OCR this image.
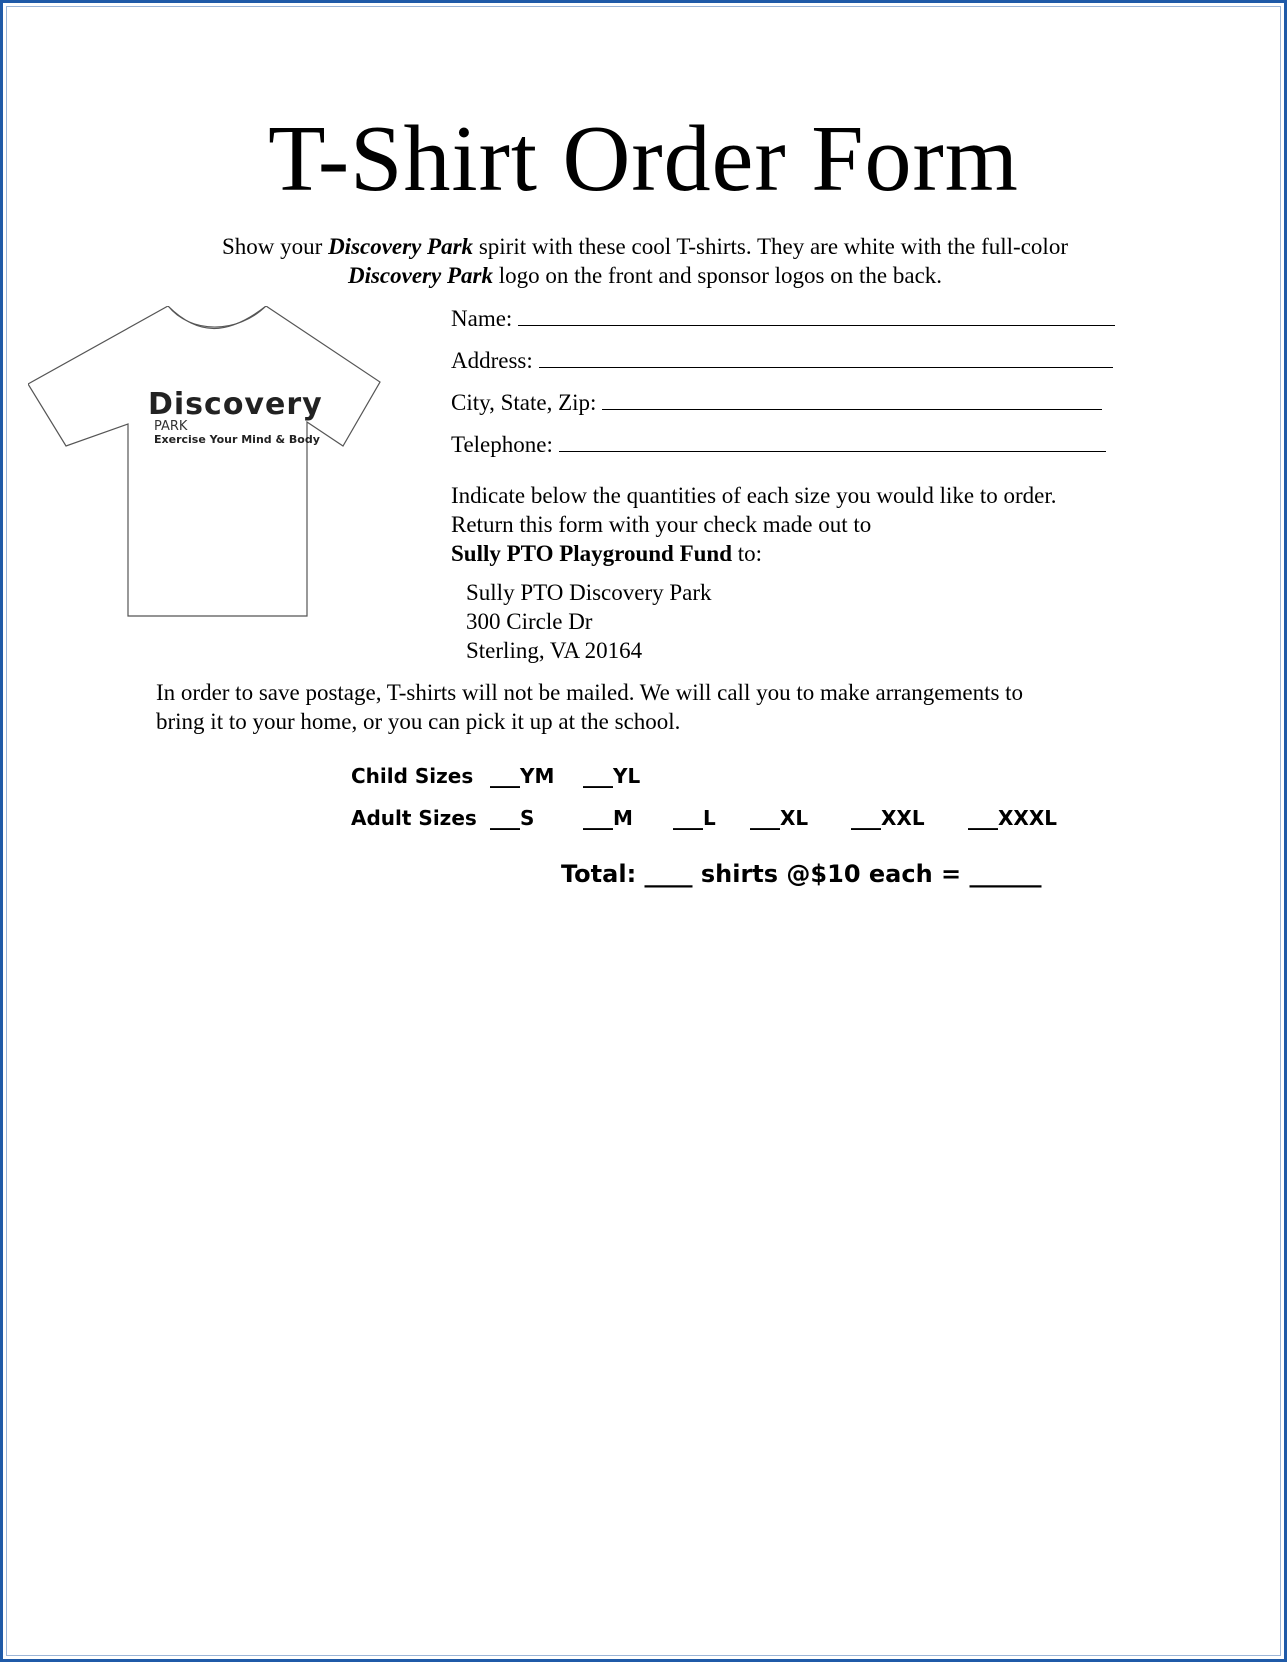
T-Shirt Order Form
Show your Discovery Park spirit with these cool T-shirts. They are white with the full-color
Discovery Park logo on the front and sponsor logos on the back.
Discovery
PARK
Exercise Your Mind & Body
Name:
Address:
City, State, Zip:
Telephone:
Indicate below the quantities of each size you would like to order.
Return this form with your check made out to
Sully PTO Playground Fund to:
Sully PTO Discovery Park
300 Circle Dr
Sterling, VA 20164
In order to save postage, T-shirts will not be mailed. We will call you to make arrangements to
bring it to your home, or you can pick it up at the school.
Child Sizes ___YM ___YL
Adult Sizes ___S ___M ___L ___XL ___XXL ___XXXL
Total: ____ shirts @$10 each = ______
